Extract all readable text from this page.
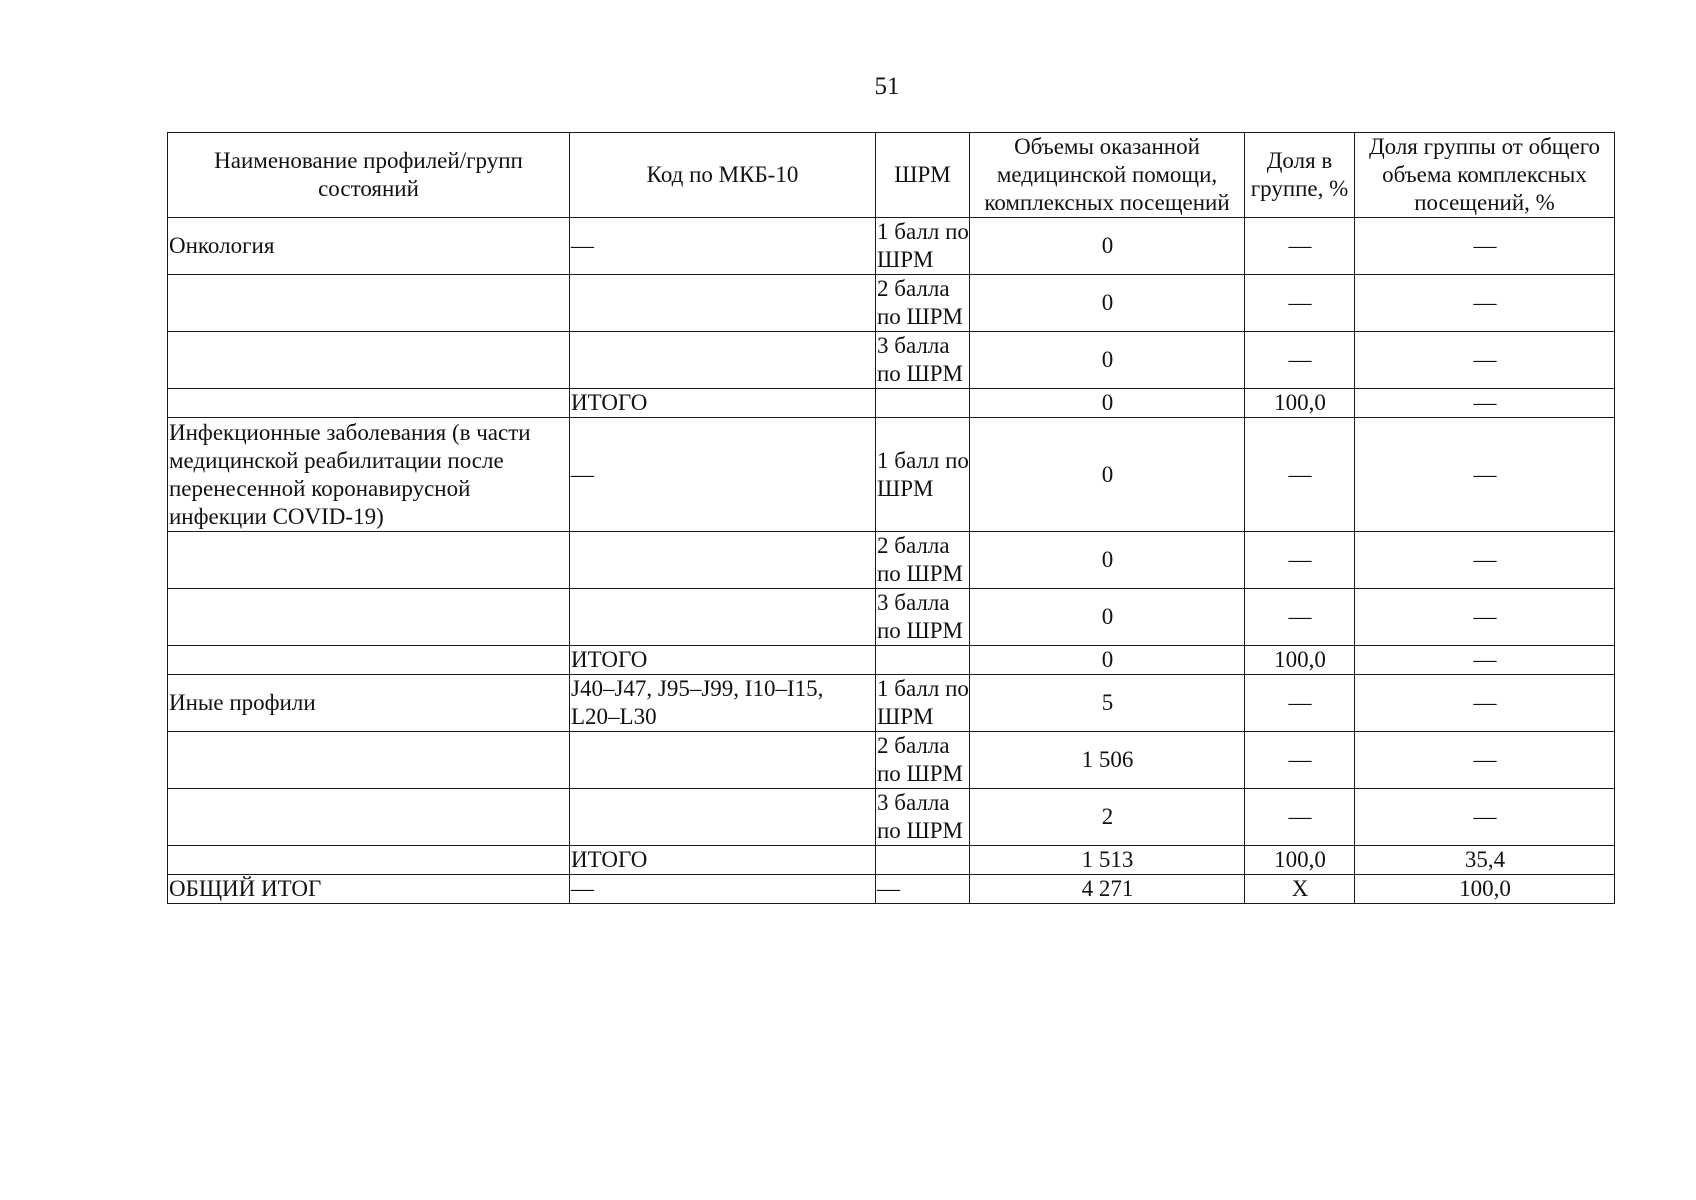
51
Наименование профилей/групп состояний	Код по МКБ-10	ШРМ	Объемы оказанной медицинской помощи, комплексных посещений	Доля в группе, %	Доля группы от общего объема комплексных посещений, %
Онкология	—	1 балл по ШРМ	0	—	—
		2 балла по ШРМ	0	—	—
		3 балла по ШРМ	0	—	—
	ИТОГО		0	100,0	—
Инфекционные заболевания (в части медицинской реабилитации после перенесенной коронавирусной инфекции COVID-19)	—	1 балл по ШРМ	0	—	—
		2 балла по ШРМ	0	—	—
		3 балла по ШРМ	0	—	—
	ИТОГО		0	100,0	—
Иные профили	J40–J47, J95–J99, I10–I15, L20–L30	1 балл по ШРМ	5	—	—
		2 балла по ШРМ	1 506	—	—
		3 балла по ШРМ	2	—	—
	ИТОГО		1 513	100,0	35,4
ОБЩИЙ ИТОГ	—	—	4 271	Х	100,0
